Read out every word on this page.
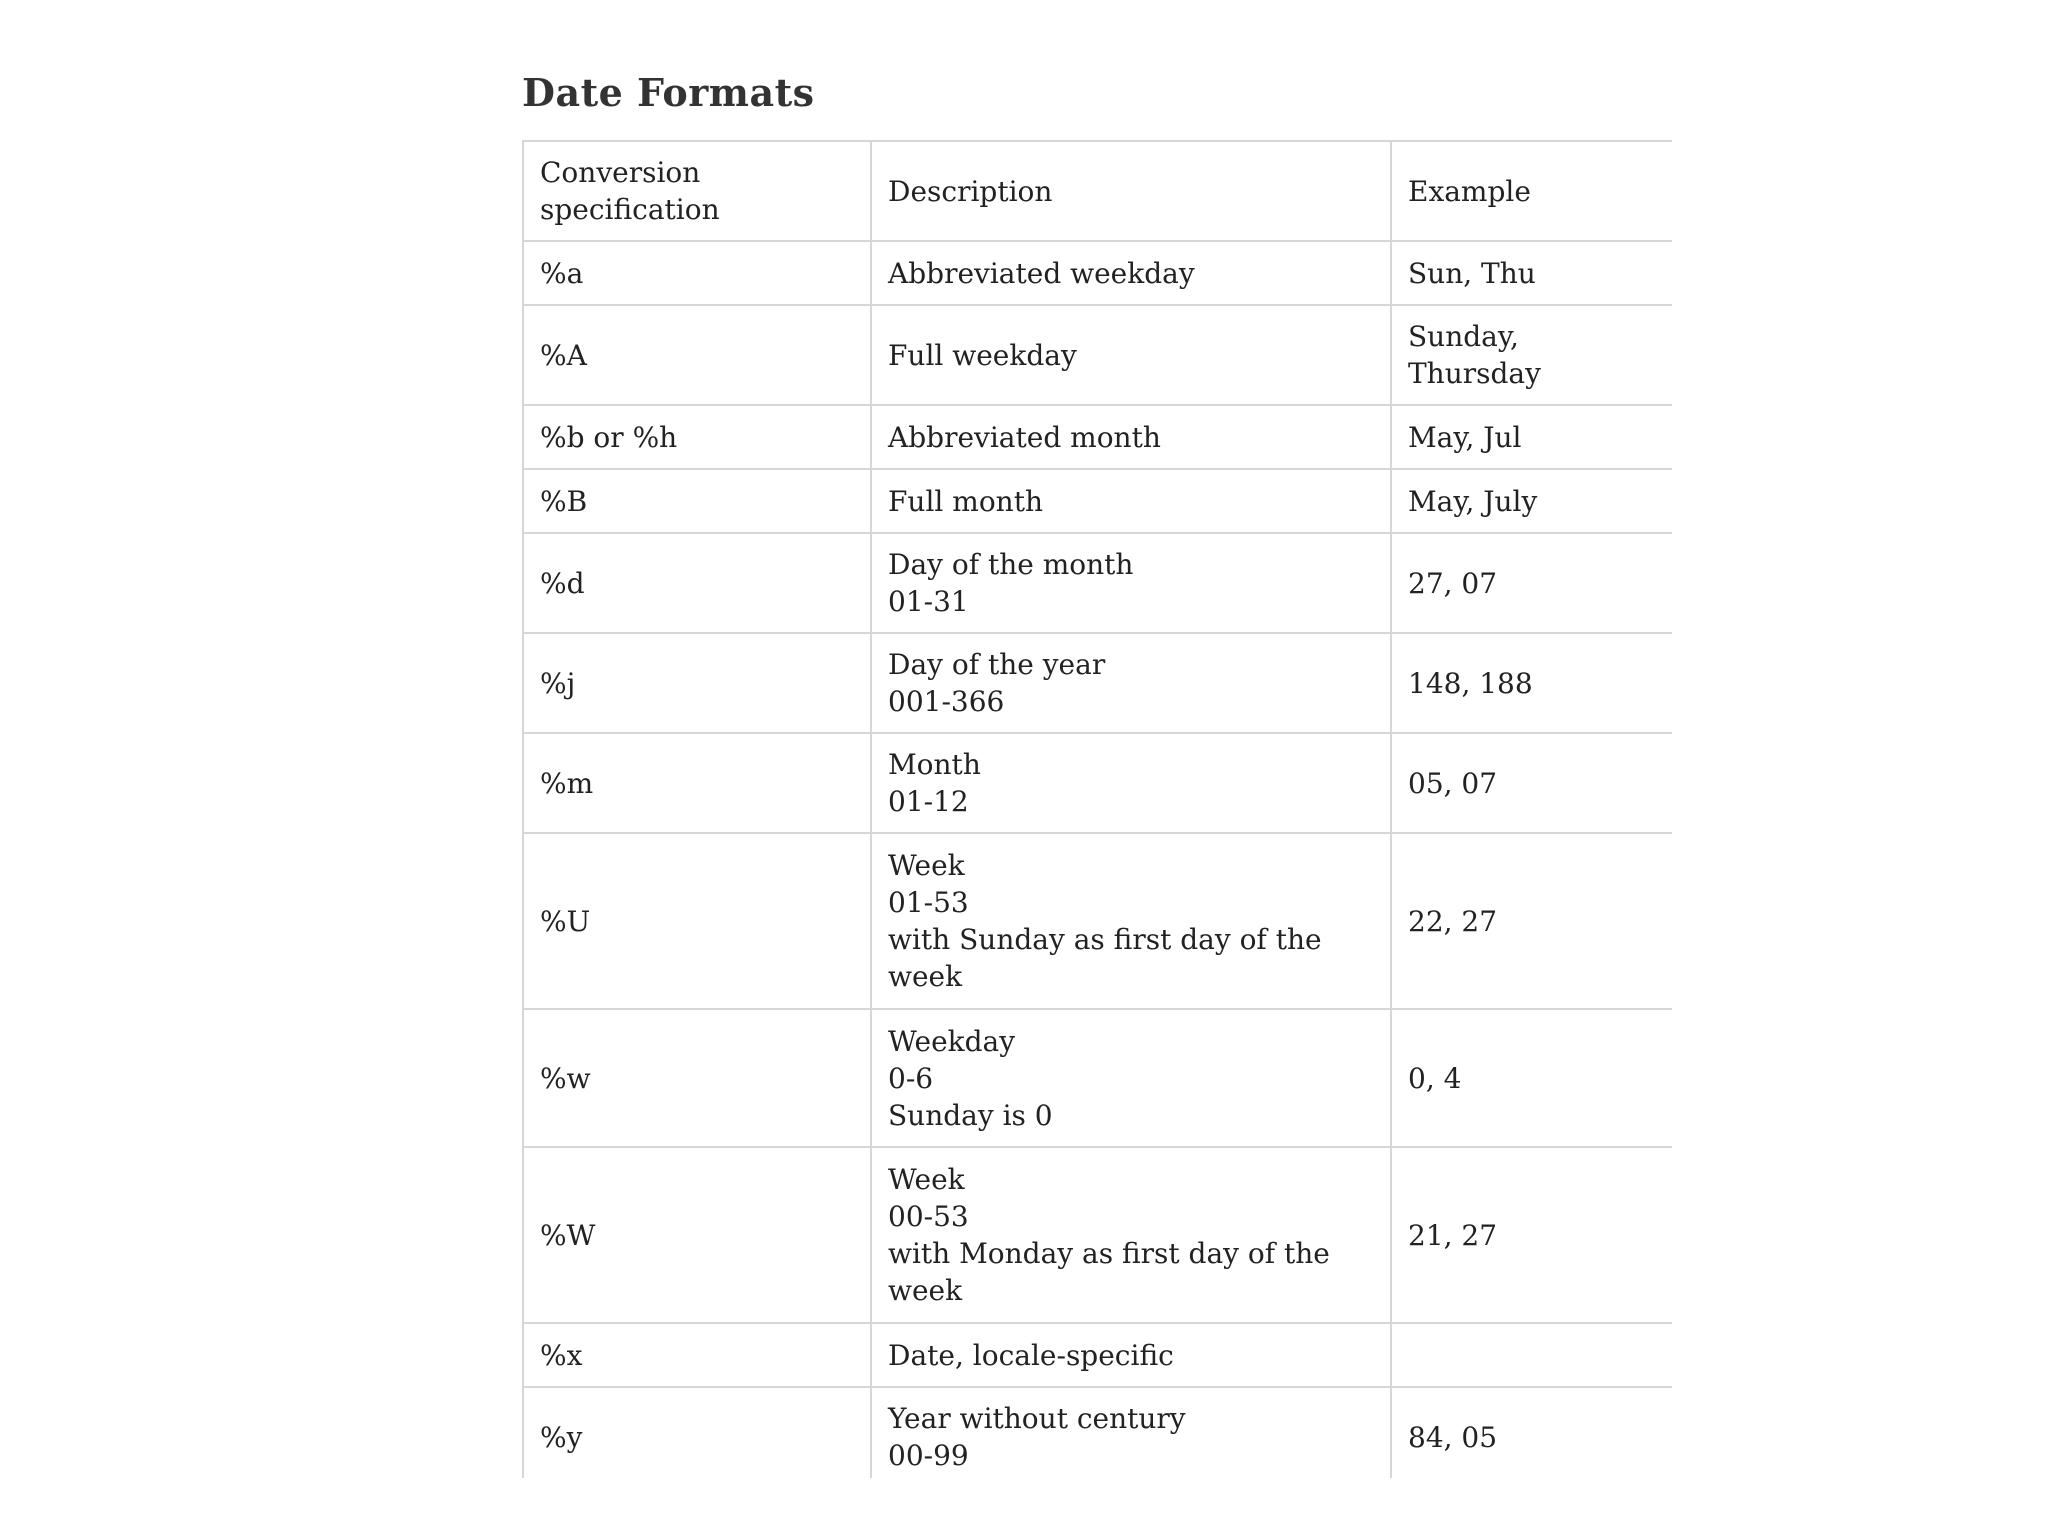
Date Formats
Conversion
specification	Description	Example

%a	Abbreviated weekday	Sun, Thu

%A	Full weekday	Sunday,
Thursday

%b or %h	Abbreviated month	May, Jul

%B	Full month	May, July

%d	Day of the month
01-31	27, 07

%j	Day of the year
001-366	148, 188

%m	Month
01-12	05, 07

%U	Week
01-53
with Sunday as first day of the
week	22, 27

%w	Weekday
0-6
Sunday is 0	0, 4

%W	Week
00-53
with Monday as first day of the
week	21, 27

%x	Date, locale-specific	

%y	Year without century
00-99	84, 05
